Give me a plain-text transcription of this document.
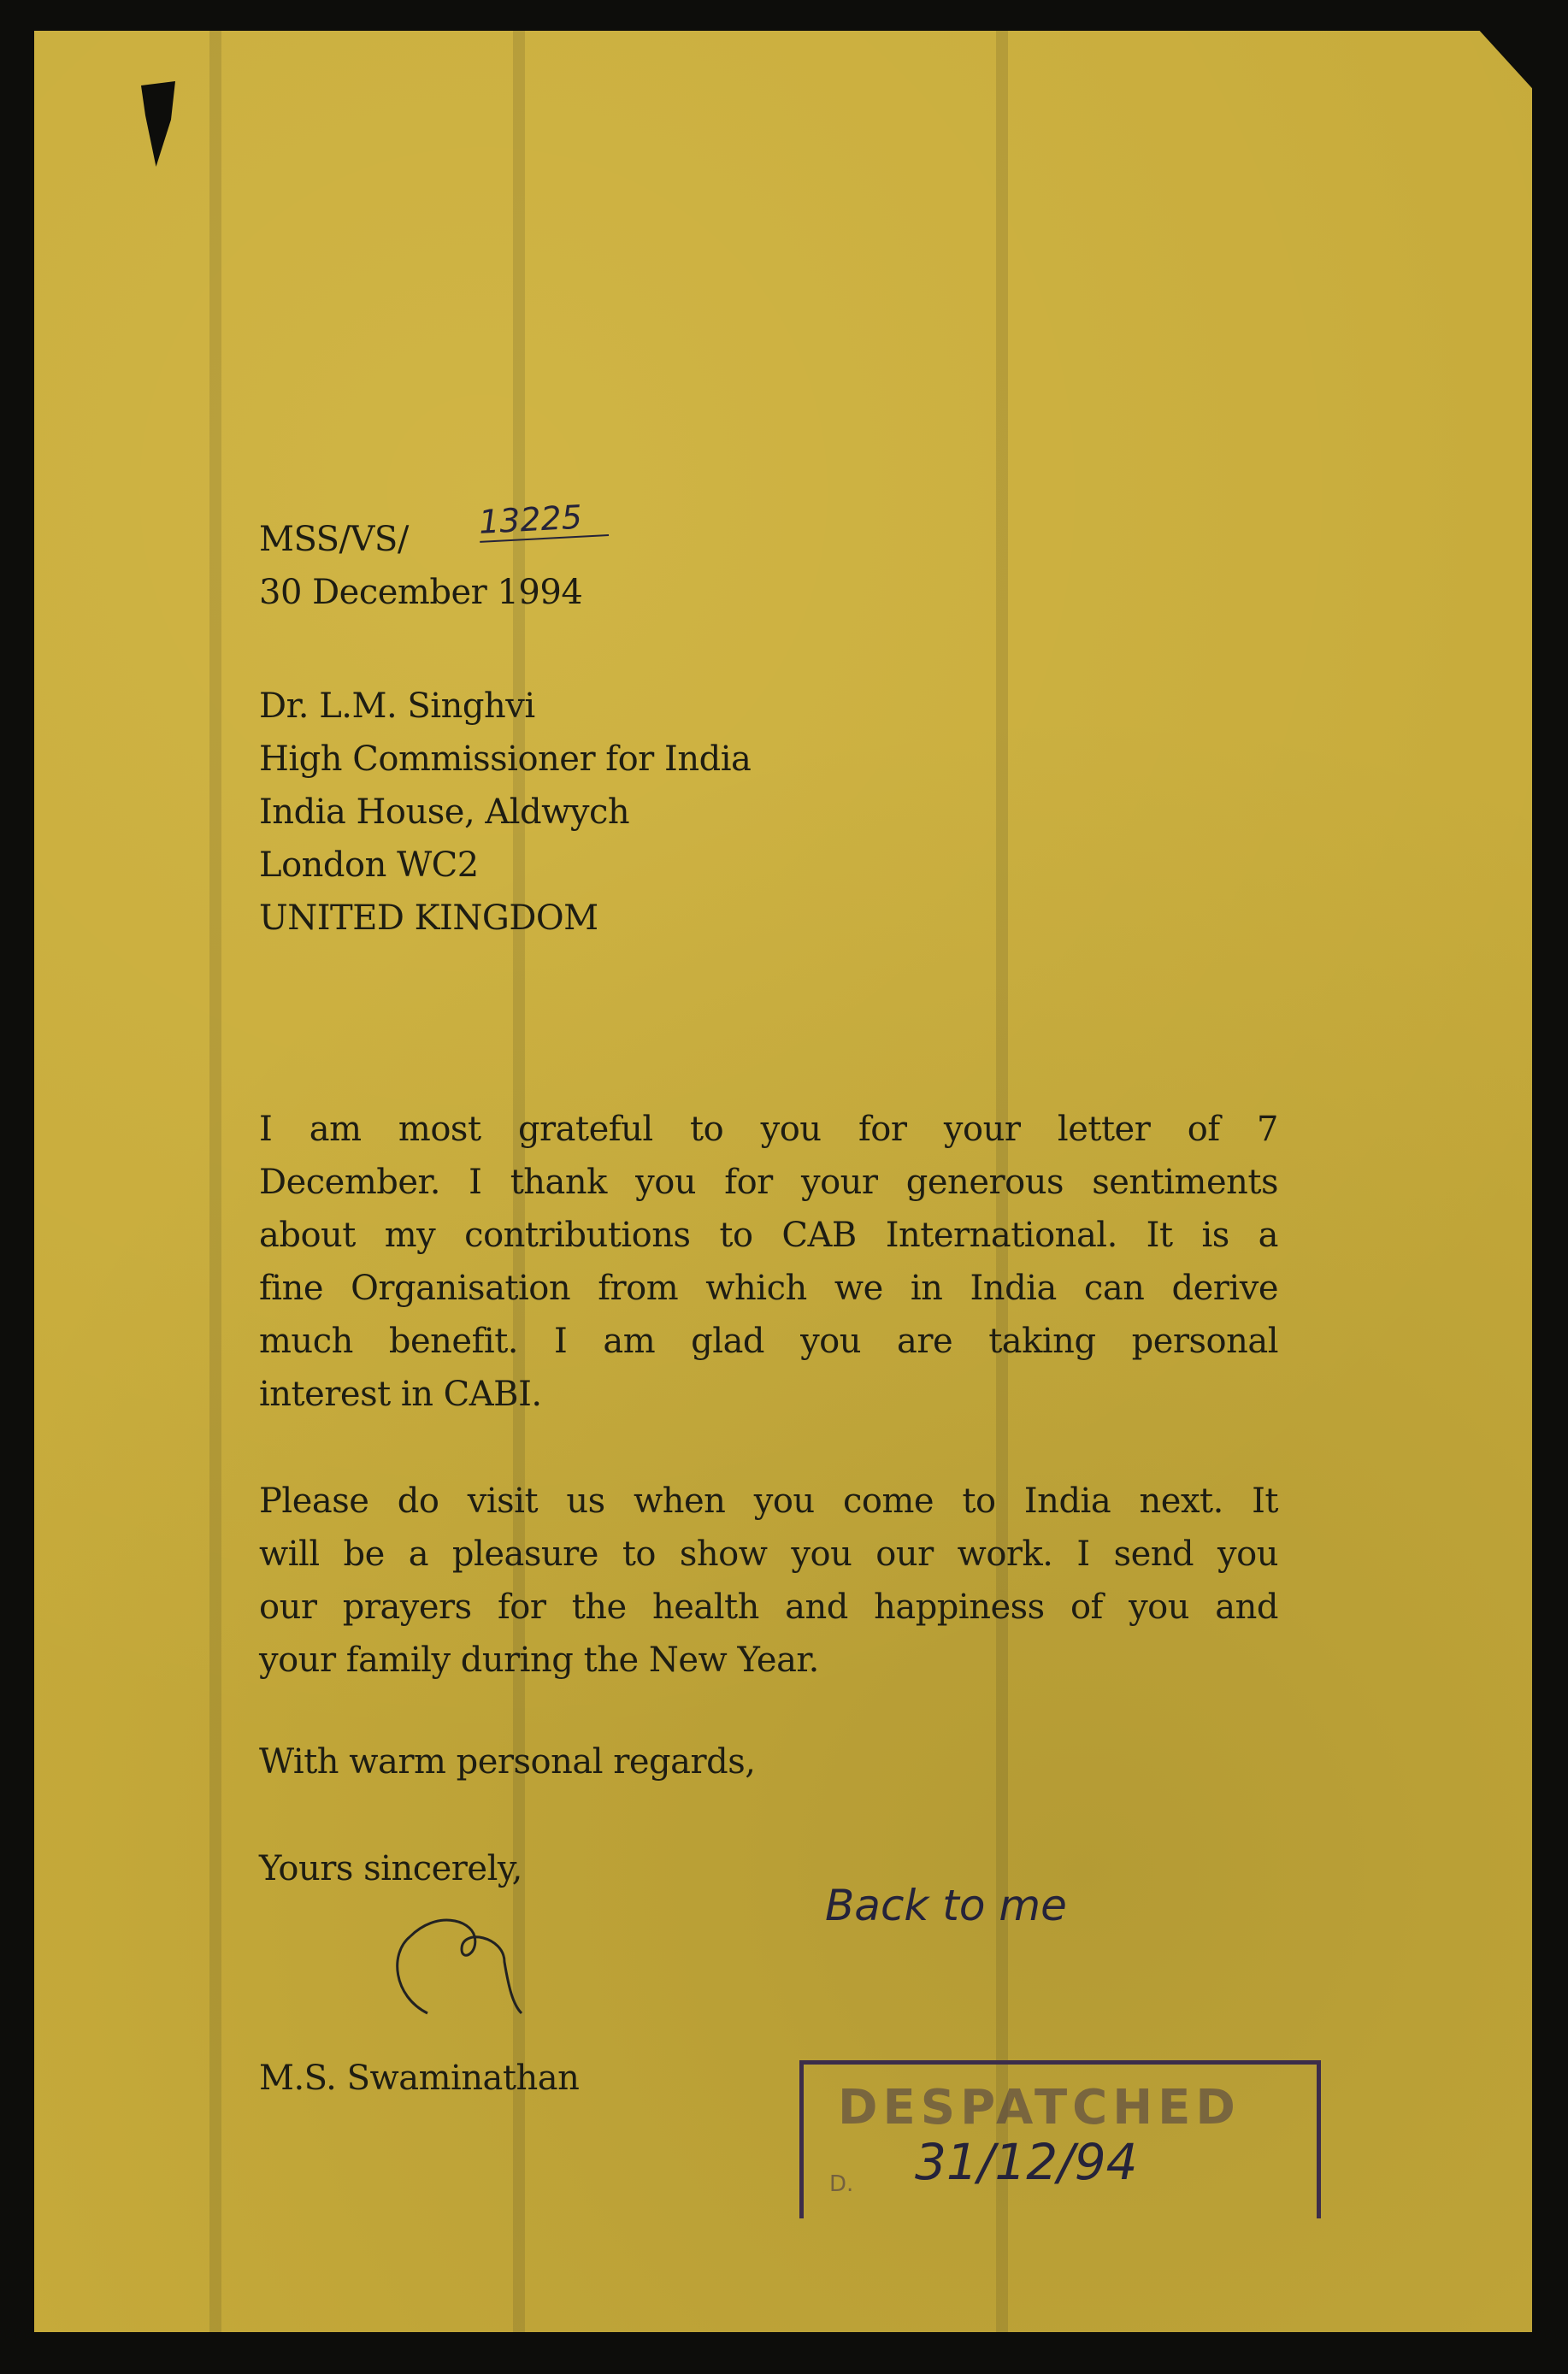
MSS/VS/
30 December 1994
13225
Dr. L.M. Singhvi
High Commissioner for India
India House, Aldwych
London WC2
UNITED KINGDOM
I am most grateful to you for your letter of 7
December. I thank you for your generous sentiments
about my contributions to CAB International. It is a
fine Organisation from which we in India can derive
much benefit. I am glad you are taking personal
interest in CABI.
Please do visit us when you come to India next. It
will be a pleasure to show you our work. I send you
our prayers for the health and happiness of you and
your family during the New Year.
With warm personal regards,
Yours sincerely,
M.S. Swaminathan
Back to me
DESPATCHED
D. 31/12/94
